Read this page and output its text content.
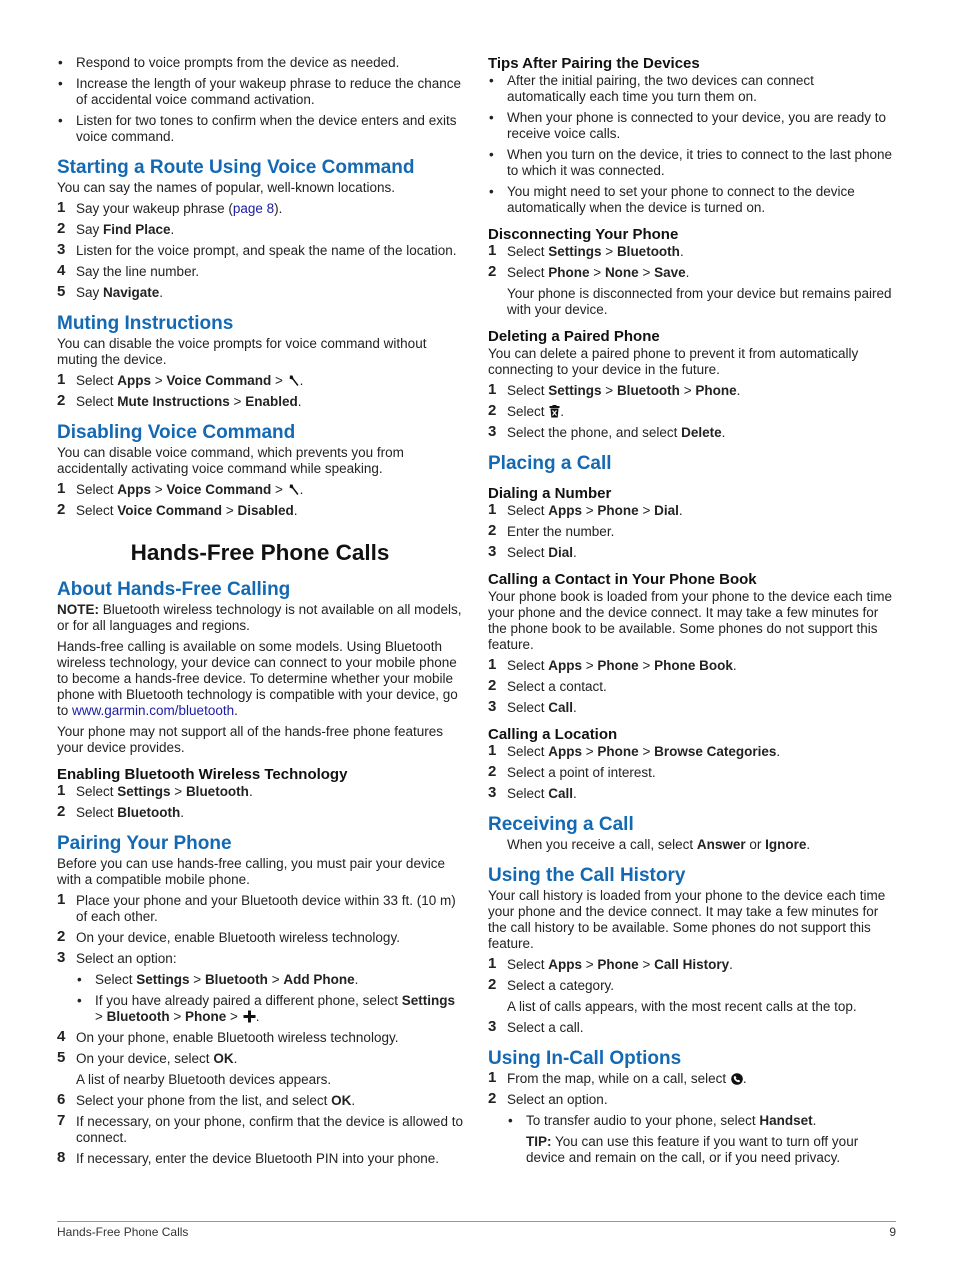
• Respond to voice prompts from the device as needed.
• Increase the length of your wakeup phrase to reduce the chance of accidental voice command activation.
• Listen for two tones to confirm when the device enters and exits voice command.
Starting a Route Using Voice Command

You can say the names of popular, well-known locations.

1 Say your wakeup phrase (page 8).
2 Say Find Place.
3 Listen for the voice prompt, and speak the name of the location.
4 Say the line number.
5 Say Navigate.
Muting Instructions

You can disable the voice prompts for voice command without muting the device.

1 Select Apps > Voice Command > .
2 Select Mute Instructions > Enabled.
Disabling Voice Command

You can disable voice command, which prevents you from accidentally activating voice command while speaking.

1 Select Apps > Voice Command > .
2 Select Voice Command > Disabled.
Hands-Free Phone Calls
About Hands-Free Calling

NOTE: Bluetooth wireless technology is not available on all models, or for all languages and regions.

Hands-free calling is available on some models. Using Bluetooth wireless technology, your device can connect to your mobile phone to become a hands-free device. To determine whether your mobile phone with Bluetooth technology is compatible with your device, go to www.garmin.com/bluetooth.

Your phone may not support all of the hands-free phone features your device provides.

Enabling Bluetooth Wireless Technology
1 Select Settings > Bluetooth.
2 Select Bluetooth.
Pairing Your Phone

Before you can use hands-free calling, you must pair your device with a compatible mobile phone.

1 Place your phone and your Bluetooth device within 33 ft. (10 m) of each other.
2 On your device, enable Bluetooth wireless technology.
3 Select an option:
• Select Settings > Bluetooth > Add Phone.
• If you have already paired a different phone, select Settings > Bluetooth > Phone > .
4 On your phone, enable Bluetooth wireless technology.
5 On your device, select OK.
A list of nearby Bluetooth devices appears.
6 Select your phone from the list, and select OK.
7 If necessary, on your phone, confirm that the device is allowed to connect.
8 If necessary, enter the device Bluetooth PIN into your phone.
Tips After Pairing the Devices
• After the initial pairing, the two devices can connect automatically each time you turn them on.
• When your phone is connected to your device, you are ready to receive voice calls.
• When you turn on the device, it tries to connect to the last phone to which it was connected.
• You might need to set your phone to connect to the device automatically when the device is turned on.
Disconnecting Your Phone
1 Select Settings > Bluetooth.
2 Select Phone > None > Save.
Your phone is disconnected from your device but remains paired with your device.
Deleting a Paired Phone

You can delete a paired phone to prevent it from automatically connecting to your device in the future.

1 Select Settings > Bluetooth > Phone.
2 Select .
3 Select the phone, and select Delete.
Placing a Call
Dialing a Number
1 Select Apps > Phone > Dial.
2 Enter the number.
3 Select Dial.
Calling a Contact in Your Phone Book

Your phone book is loaded from your phone to the device each time your phone and the device connect. It may take a few minutes for the phone book to be available. Some phones do not support this feature.

1 Select Apps > Phone > Phone Book.
2 Select a contact.
3 Select Call.
Calling a Location
1 Select Apps > Phone > Browse Categories.
2 Select a point of interest.
3 Select Call.
Receiving a Call

When you receive a call, select Answer or Ignore.

Using the Call History

Your call history is loaded from your phone to the device each time your phone and the device connect. It may take a few minutes for the call history to be available. Some phones do not support this feature.

1 Select Apps > Phone > Call History.
2 Select a category.
A list of calls appears, with the most recent calls at the top.
3 Select a call.
Using In-Call Options
1 From the map, while on a call, select .
2 Select an option.
• To transfer audio to your phone, select Handset.
TIP: You can use this feature if you want to turn off your device and remain on the call, or if you need privacy.
Hands-Free Phone Calls	9
